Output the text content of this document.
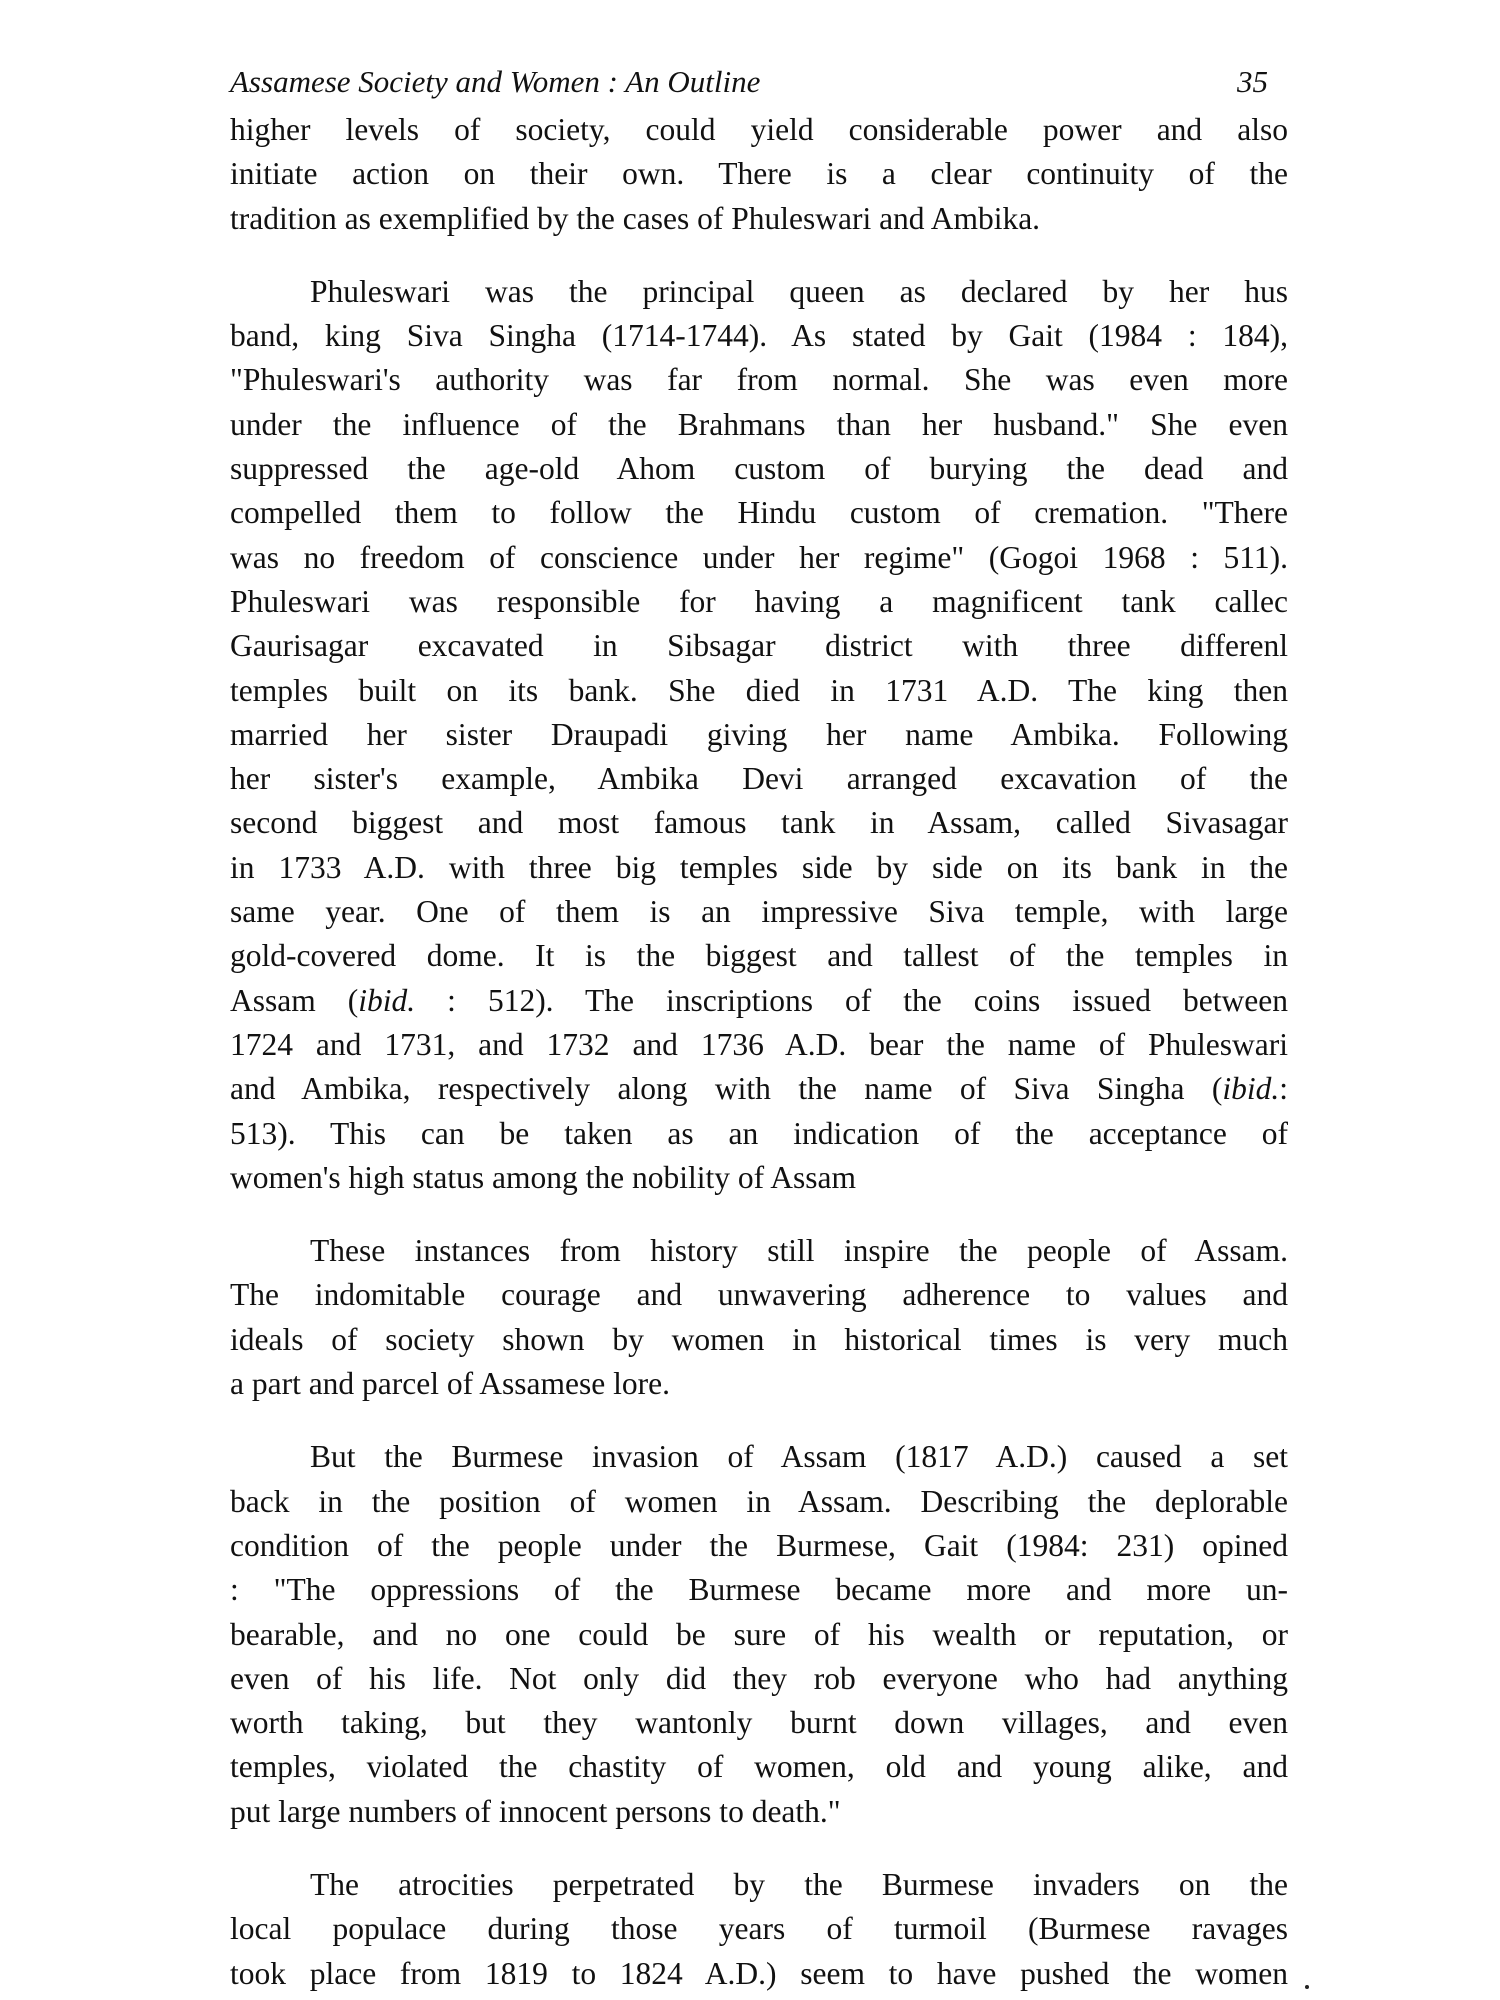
Assamese Society and Women : An Outline	35

higher levels of society, could yield considerable power and also
initiate action on their own. There is a clear continuity of the
tradition as exemplified by the cases of Phuleswari and Ambika.

Phuleswari was the principal queen as declared by her hus
band, king Siva Singha (1714-1744). As stated by Gait (1984 : 184),
"Phuleswari's authority was far from normal. She was even more
under the influence of the Brahmans than her husband." She even
suppressed the age-old Ahom custom of burying the dead and
compelled them to follow the Hindu custom of cremation. "There
was no freedom of conscience under her regime" (Gogoi 1968 : 511).
Phuleswari was responsible for having a magnificent tank callec
Gaurisagar excavated in Sibsagar district with three differenl
temples built on its bank. She died in 1731 A.D. The king then
married her sister Draupadi giving her name Ambika. Following
her sister's example, Ambika Devi arranged excavation of the
second biggest and most famous tank in Assam, called Sivasagar
in 1733 A.D. with three big temples side by side on its bank in the
same year. One of them is an impressive Siva temple, with large
gold-covered dome. It is the biggest and tallest of the temples in
Assam (ibid. : 512). The inscriptions of the coins issued between
1724 and 1731, and 1732 and 1736 A.D. bear the name of Phuleswari
and Ambika, respectively along with the name of Siva Singha (ibid.:
513). This can be taken as an indication of the acceptance of
women's high status among the nobility of Assam

These instances from history still inspire the people of Assam.
The indomitable courage and unwavering adherence to values and
ideals of society shown by women in historical times is very much
a part and parcel of Assamese lore.

But the Burmese invasion of Assam (1817 A.D.) caused a set
back in the position of women in Assam. Describing the deplorable
condition of the people under the Burmese, Gait (1984: 231) opined
: "The oppressions of the Burmese became more and more un-
bearable, and no one could be sure of his wealth or reputation, or
even of his life. Not only did they rob everyone who had anything
worth taking, but they wantonly burnt down villages, and even
temples, violated the chastity of women, old and young alike, and
put large numbers of innocent persons to death."

The atrocities perpetrated by the Burmese invaders on the
local populace during those years of turmoil (Burmese ravages
took place from 1819 to 1824 A.D.) seem to have pushed the women
